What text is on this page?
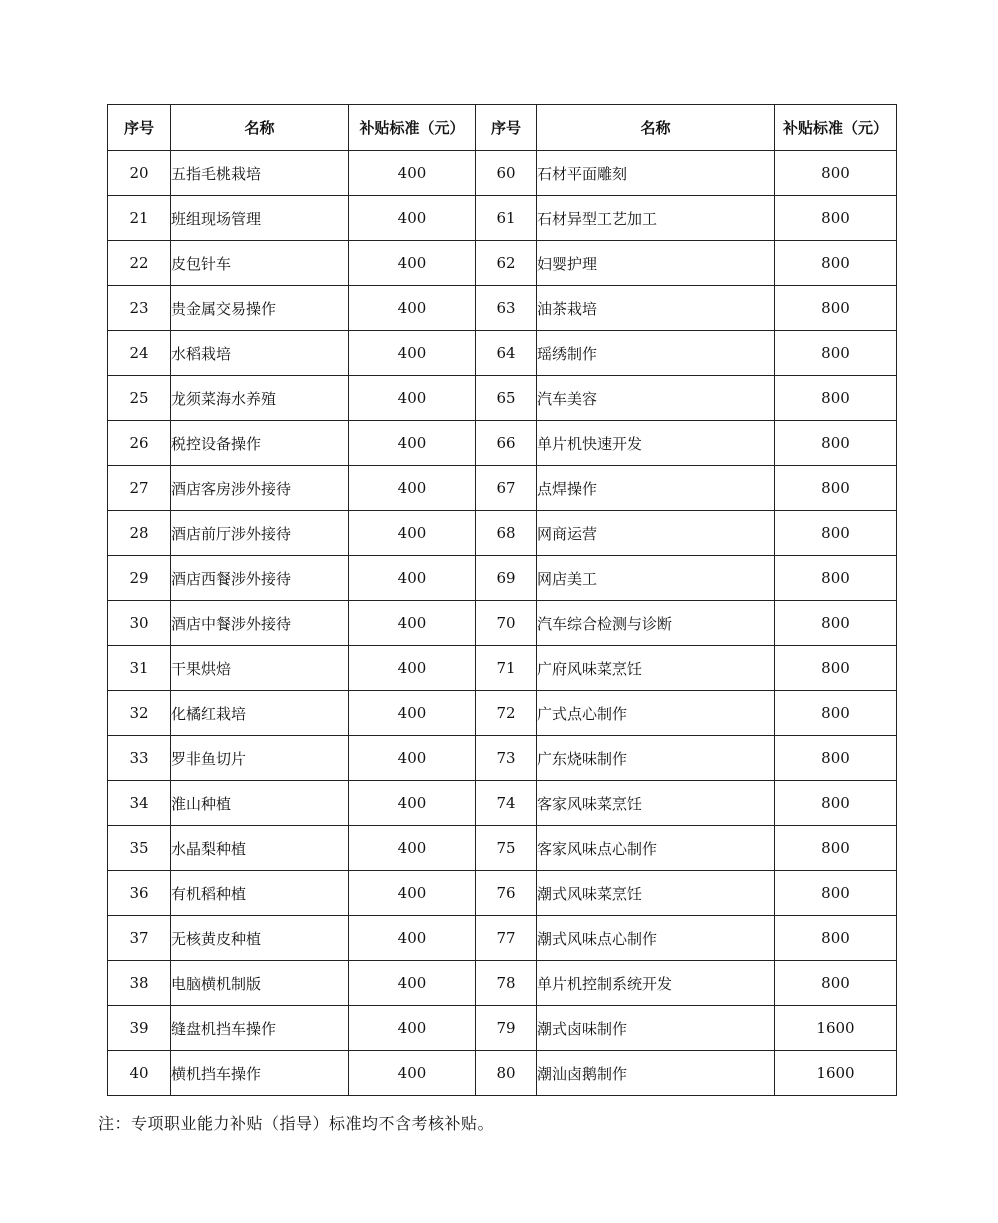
序号	名称	补贴标准（元）	序号	名称	补贴标准（元）
20	五指毛桃栽培	400	60	石材平面雕刻	800
21	班组现场管理	400	61	石材异型工艺加工	800
22	皮包针车	400	62	妇婴护理	800
23	贵金属交易操作	400	63	油茶栽培	800
24	水稻栽培	400	64	瑶绣制作	800
25	龙须菜海水养殖	400	65	汽车美容	800
26	税控设备操作	400	66	单片机快速开发	800
27	酒店客房涉外接待	400	67	点焊操作	800
28	酒店前厅涉外接待	400	68	网商运营	800
29	酒店西餐涉外接待	400	69	网店美工	800
30	酒店中餐涉外接待	400	70	汽车综合检测与诊断	800
31	干果烘焙	400	71	广府风味菜烹饪	800
32	化橘红栽培	400	72	广式点心制作	800
33	罗非鱼切片	400	73	广东烧味制作	800
34	淮山种植	400	74	客家风味菜烹饪	800
35	水晶梨种植	400	75	客家风味点心制作	800
36	有机稻种植	400	76	潮式风味菜烹饪	800
37	无核黄皮种植	400	77	潮式风味点心制作	800
38	电脑横机制版	400	78	单片机控制系统开发	800
39	缝盘机挡车操作	400	79	潮式卤味制作	1600
40	横机挡车操作	400	80	潮汕卤鹅制作	1600
注：专项职业能力补贴（指导）标准均不含考核补贴。
